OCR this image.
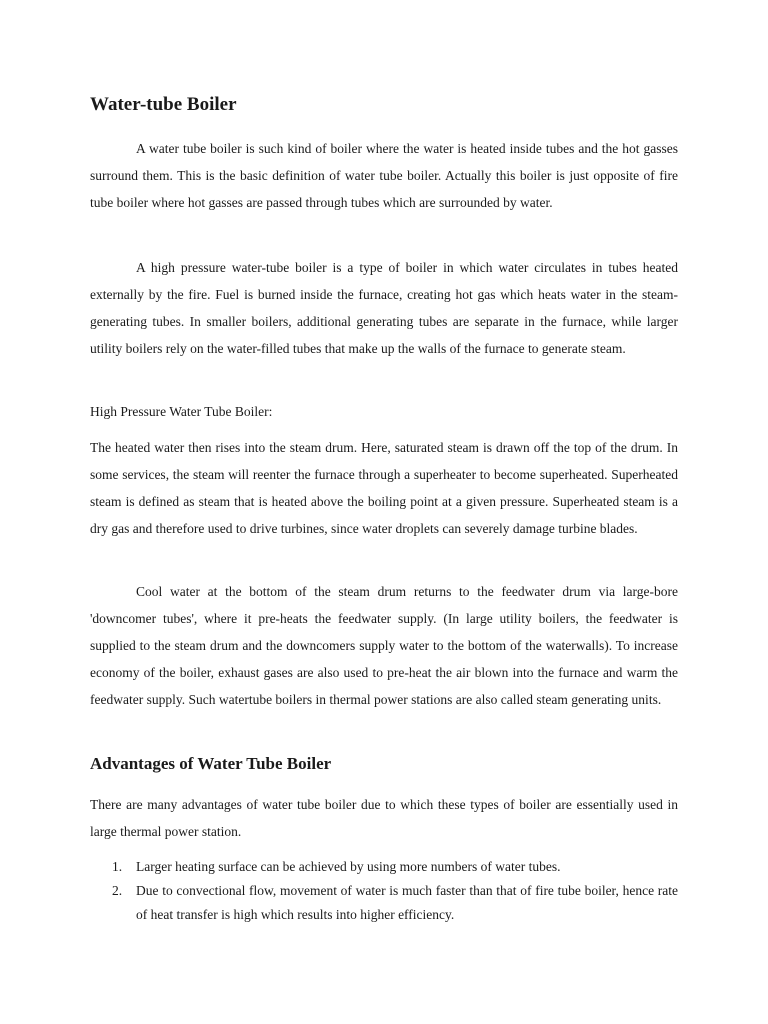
Water-tube Boiler

A water tube boiler is such kind of boiler where the water is heated inside tubes and the hot gasses surround them. This is the basic definition of water tube boiler. Actually this boiler is just opposite of fire tube boiler where hot gasses are passed through tubes which are surrounded by water.

A high pressure water-tube boiler is a type of boiler in which water circulates in tubes heated externally by the fire. Fuel is burned inside the furnace, creating hot gas which heats water in the steam-generating tubes. In smaller boilers, additional generating tubes are separate in the furnace, while larger utility boilers rely on the water-filled tubes that make up the walls of the furnace to generate steam.

High Pressure Water Tube Boiler:

The heated water then rises into the steam drum. Here, saturated steam is drawn off the top of the drum. In some services, the steam will reenter the furnace through a superheater to become superheated. Superheated steam is defined as steam that is heated above the boiling point at a given pressure. Superheated steam is a dry gas and therefore used to drive turbines, since water droplets can severely damage turbine blades.

Cool water at the bottom of the steam drum returns to the feedwater drum via large-bore 'downcomer tubes', where it pre-heats the feedwater supply. (In large utility boilers, the feedwater is supplied to the steam drum and the downcomers supply water to the bottom of the waterwalls). To increase economy of the boiler, exhaust gases are also used to pre-heat the air blown into the furnace and warm the feedwater supply. Such watertube boilers in thermal power stations are also called steam generating units.

Advantages of Water Tube Boiler

There are many advantages of water tube boiler due to which these types of boiler are essentially used in large thermal power station.

1. Larger heating surface can be achieved by using more numbers of water tubes.
2. Due to convectional flow, movement of water is much faster than that of fire tube boiler, hence rate of heat transfer is high which results into higher efficiency.
